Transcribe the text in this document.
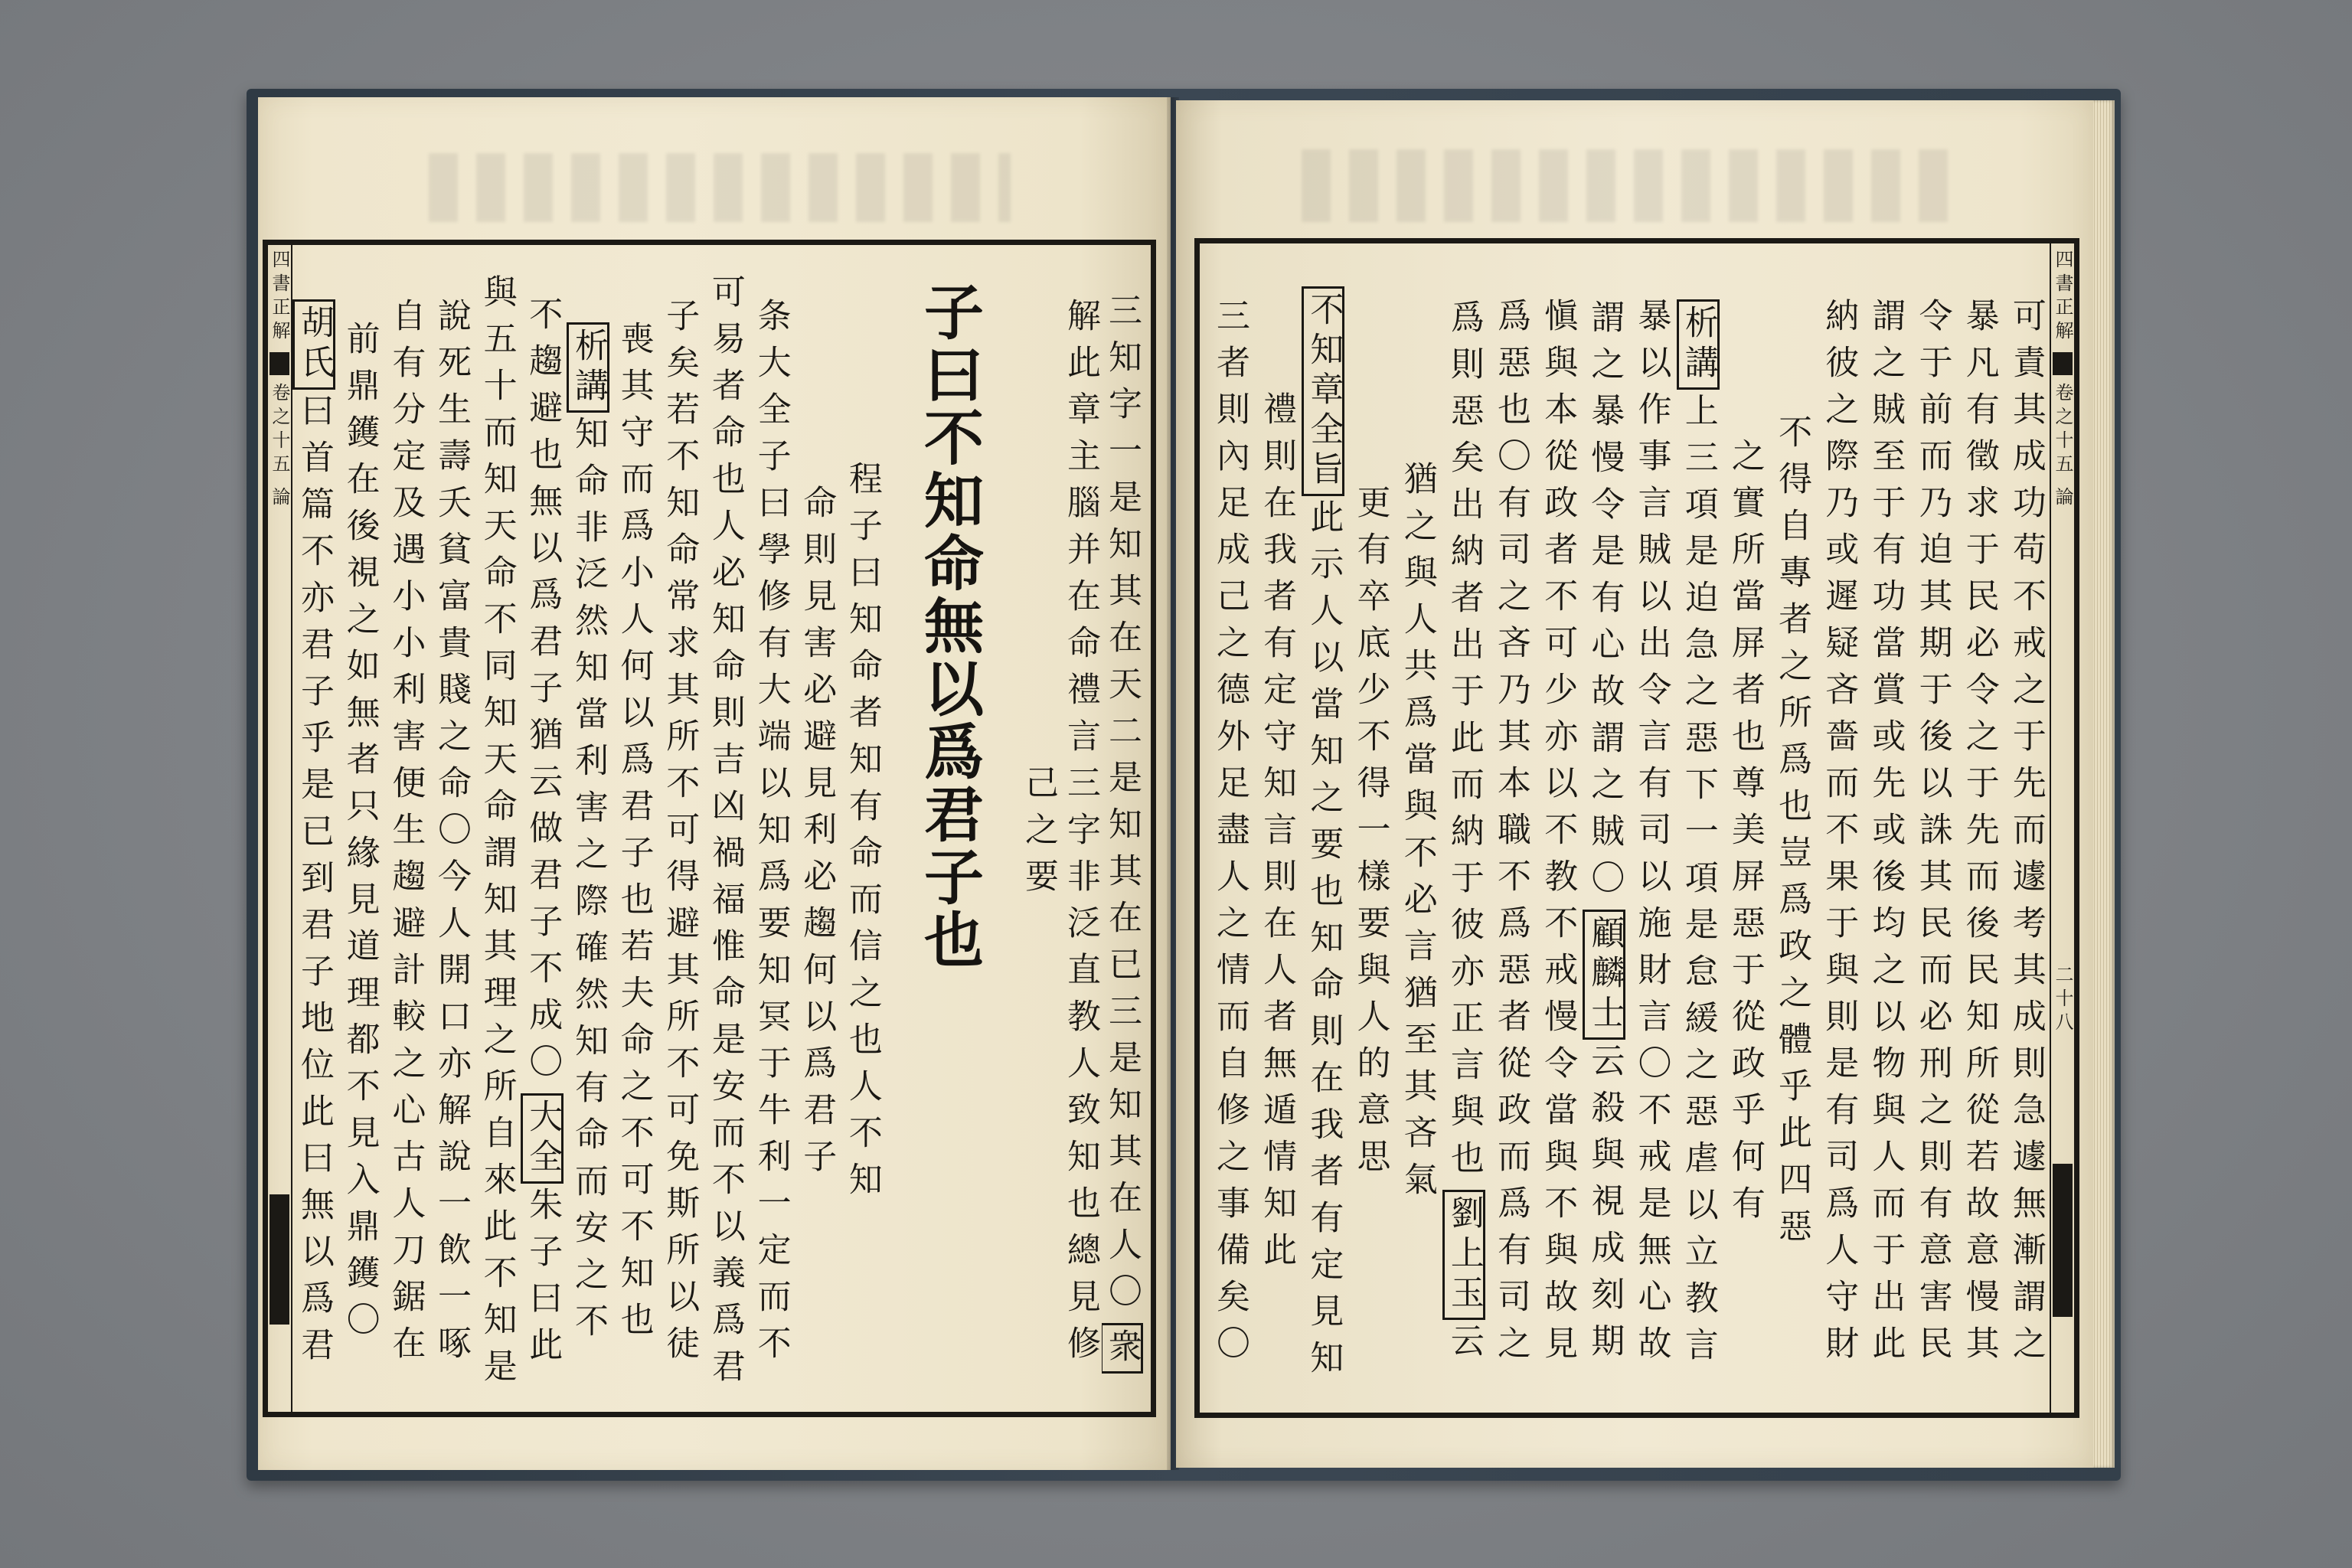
四書正解
卷之十五
論	子曰不知命無以爲君子也	三知字一是知其在天二是知其在已三是知其在人〇衆
解此章主腦并在命禮言三字非泛直教人致知也總見修
己之要
程子曰知命者知有命而信之也人不知
命則見害必避見利必趨何以爲君子
条大全子曰學修有大端以知爲要知冥于牛利一定而不
可易者命也人必知命則吉凶禍福惟命是安而不以義爲君
子矣若不知命常求其所不可得避其所不可免斯所以徒
喪其守而爲小人何以爲君子也若夫命之不可不知也
析講知命非泛然知當利害之際確然知有命而安之不
不趨避也無以爲君子猶云做君子不成〇大全朱子曰此
與五十而知天命不同知天命謂知其理之所自來此不知是
說死生壽夭貧富貴賤之命〇今人開口亦解說一飲一啄
自有分定及遇小小利害便生趨避計較之心古人刀鋸在
前鼎鑊在後視之如無者只緣見道理都不見入鼎鑊〇
胡氏曰首篇不亦君子乎是已到君子地位此曰無以爲君
四書正解
卷之十五
論
二十八
可責其成功苟不戒之于先而遽考其成則急遽無漸謂之
暴凡有徵求于民必令之于先而後民知所從若故意慢其
令于前而乃迫其期于後以誅其民而必刑之則有意害民
謂之賊至于有功當賞或先或後均之以物與人而于出此
納彼之際乃或遲疑吝嗇而不果于與則是有司爲人守財
不得自專者之所爲也豈爲政之體乎此四惡
之實所當屏者也尊美屏惡于從政乎何有
析講上三項是迫急之惡下一項是怠緩之惡虐以立教言
暴以作事言賊以出令言有司以施財言〇不戒是無心故
謂之暴慢令是有心故謂之賊〇顧麟士云殺與視成刻期
愼與本從政者不可少亦以不教不戒慢令當與不與故見
爲惡也〇有司之吝乃其本職不爲惡者從政而爲有司之
爲則惡矣出納者出于此而納于彼亦正言與也劉上玉云
猶之與人共爲當與不必言猶至其吝氣
更有卒底少不得一樣要與人的意思
不知章全旨此示人以當知之要也知命則在我者有定見知
禮則在我者有定守知言則在人者無遁情知此
三者則內足成己之德外足盡人之情而自修之事備矣〇
